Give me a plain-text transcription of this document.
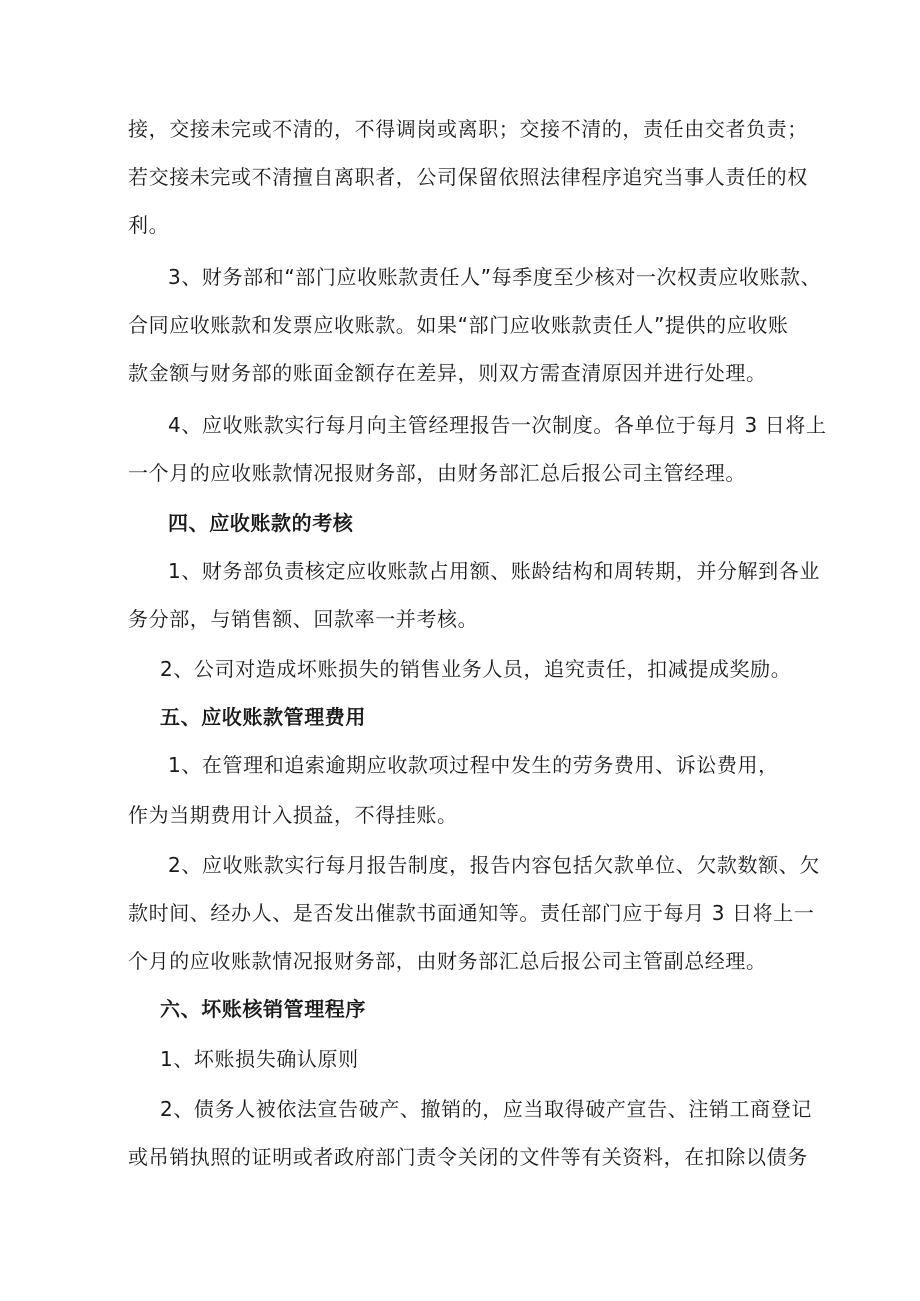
接，交接未完或不清的，不得调岗或离职；交接不清的，责任由交者负责；
若交接未完或不清擅自离职者，公司保留依照法律程序追究当事人责任的权
利。
3、财务部和“部门应收账款责任人”每季度至少核对一次权责应收账款、
合同应收账款和发票应收账款。如果“部门应收账款责任人”提供的应收账
款金额与财务部的账面金额存在差异，则双方需查清原因并进行处理。
4、应收账款实行每月向主管经理报告一次制度。各单位于每月 3 日将上
一个月的应收账款情况报财务部，由财务部汇总后报公司主管经理。
四、应收账款的考核
1、财务部负责核定应收账款占用额、账龄结构和周转期，并分解到各业
务分部，与销售额、回款率一并考核。
2、公司对造成坏账损失的销售业务人员，追究责任，扣减提成奖励。
五、应收账款管理费用
1、在管理和追索逾期应收款项过程中发生的劳务费用、诉讼费用，
作为当期费用计入损益，不得挂账。
2、应收账款实行每月报告制度，报告内容包括欠款单位、欠款数额、欠
款时间、经办人、是否发出催款书面通知等。责任部门应于每月 3 日将上一
个月的应收账款情况报财务部，由财务部汇总后报公司主管副总经理。
六、坏账核销管理程序
1、坏账损失确认原则
2、债务人被依法宣告破产、撤销的，应当取得破产宣告、注销工商登记
或吊销执照的证明或者政府部门责令关闭的文件等有关资料，在扣除以债务
